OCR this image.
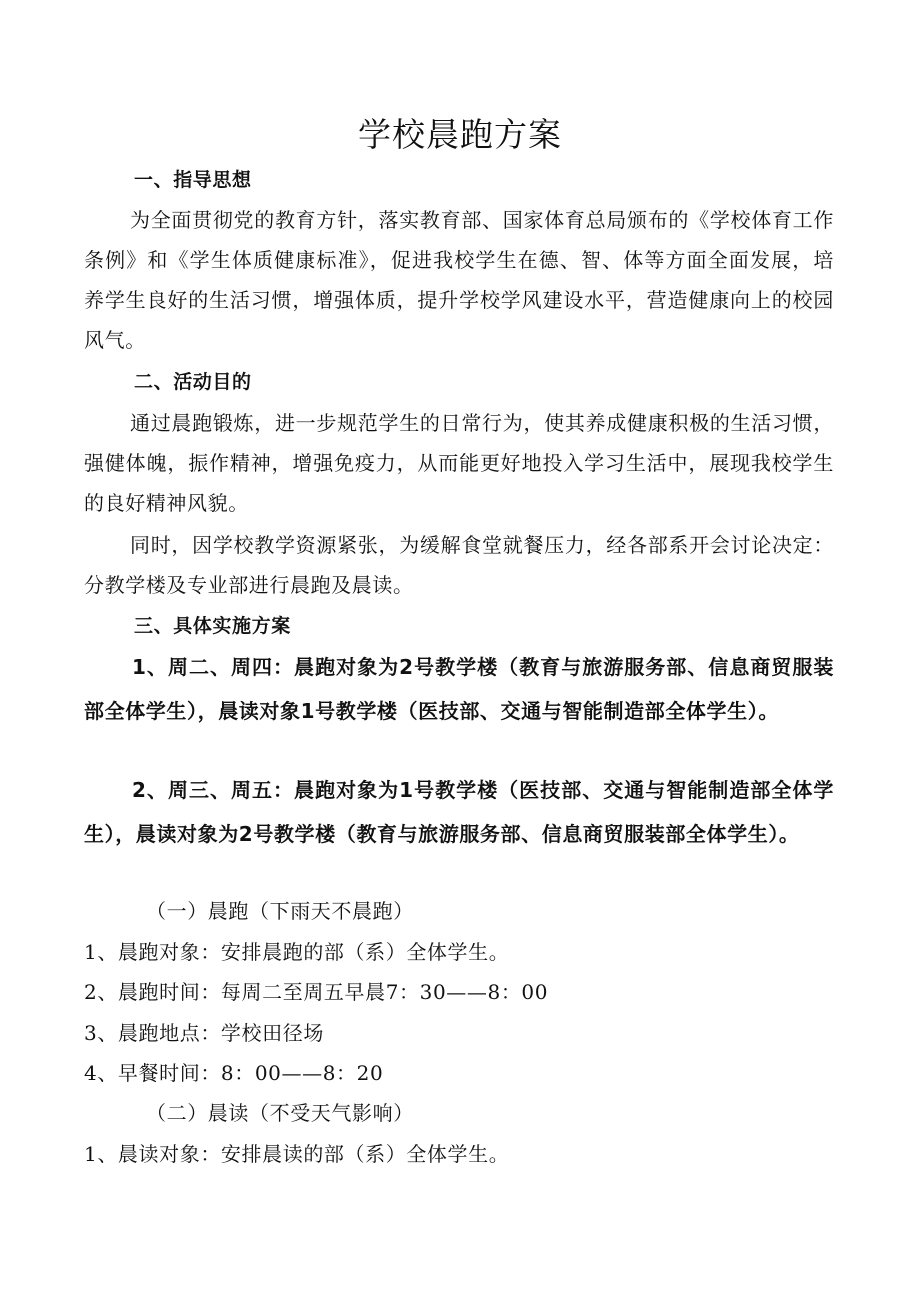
学校晨跑方案
一、指导思想

为全面贯彻党的教育方针，落实教育部、国家体育总局颁布的《学校体育工作条例》和《学生体质健康标准》，促进我校学生在德、智、体等方面全面发展，培养学生良好的生活习惯，增强体质，提升学校学风建设水平，营造健康向上的校园风气。

二、活动目的

通过晨跑锻炼，进一步规范学生的日常行为，使其养成健康积极的生活习惯，强健体魄，振作精神，增强免疫力，从而能更好地投入学习生活中，展现我校学生的良好精神风貌。

同时，因学校教学资源紧张，为缓解食堂就餐压力，经各部系开会讨论决定：分教学楼及专业部进行晨跑及晨读。

三、具体实施方案

1、周二、周四：晨跑对象为2号教学楼（教育与旅游服务部、信息商贸服装部全体学生），晨读对象1号教学楼（医技部、交通与智能制造部全体学生）。

2、周三、周五：晨跑对象为1号教学楼（医技部、交通与智能制造部全体学生），晨读对象为2号教学楼（教育与旅游服务部、信息商贸服装部全体学生）。

（一）晨跑（下雨天不晨跑）
1、晨跑对象：安排晨跑的部（系）全体学生。
2、晨跑时间：每周二至周五早晨7：30——8：00
3、晨跑地点：学校田径场
4、早餐时间：8：00——8：20
（二）晨读（不受天气影响）
1、晨读对象：安排晨读的部（系）全体学生。
